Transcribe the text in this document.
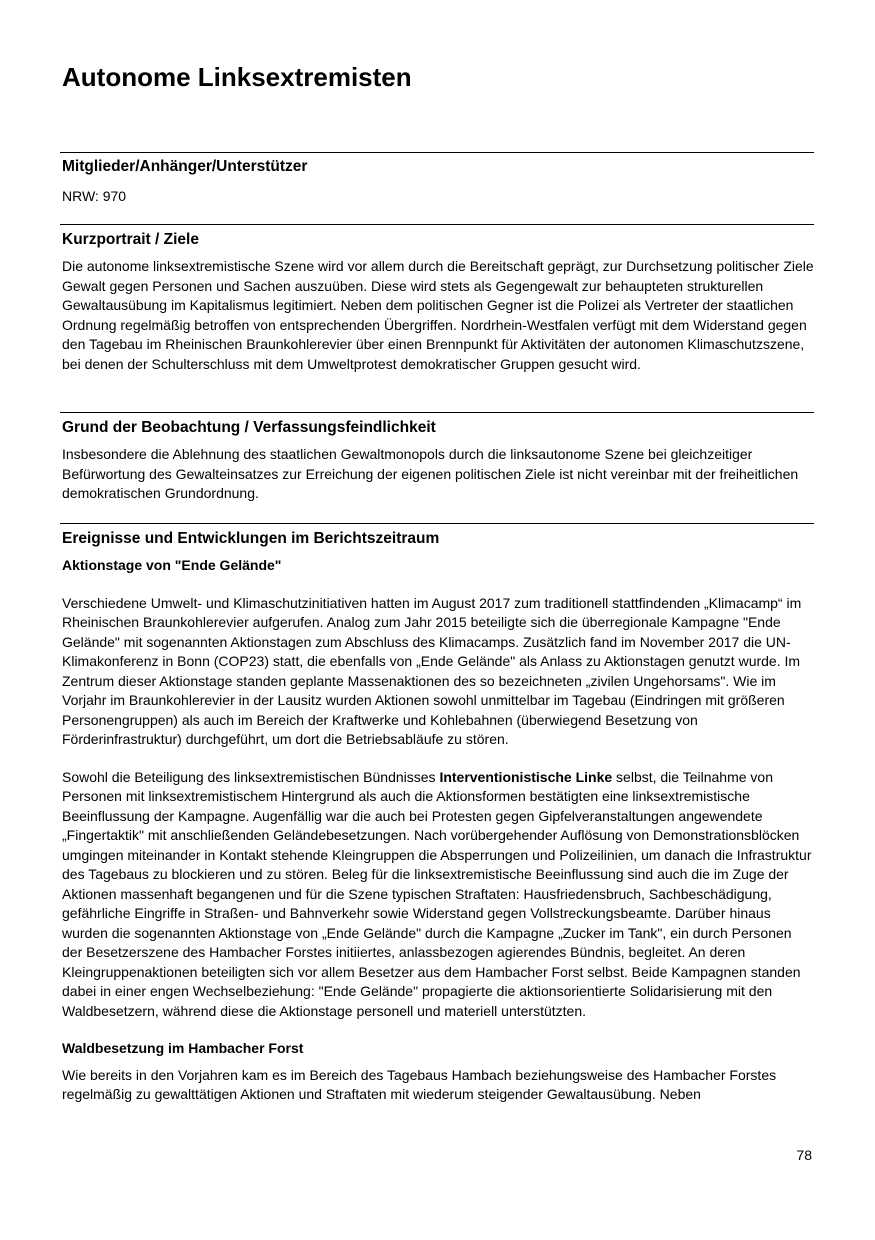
Autonome Linksextremisten
Mitglieder/Anhänger/Unterstützer

NRW: 970

Kurzportrait / Ziele

Die autonome linksextremistische Szene wird vor allem durch die Bereitschaft geprägt, zur Durchsetzung politischer Ziele Gewalt gegen Personen und Sachen auszuüben. Diese wird stets als Gegengewalt zur behaupteten strukturellen Gewaltausübung im Kapitalismus legitimiert. Neben dem politischen Gegner ist die Polizei als Vertreter der staatlichen Ordnung regelmäßig betroffen von entsprechenden Übergriffen. Nordrhein-Westfalen verfügt mit dem Widerstand gegen den Tagebau im Rheinischen Braunkohlerevier über einen Brennpunkt für Aktivitäten der autonomen Klimaschutzszene, bei denen der Schulterschluss mit dem Umweltprotest demokratischer Gruppen gesucht wird.

Grund der Beobachtung / Verfassungsfeindlichkeit

Insbesondere die Ablehnung des staatlichen Gewaltmonopols durch die linksautonome Szene bei gleichzeitiger Befürwortung des Gewalteinsatzes zur Erreichung der eigenen politischen Ziele ist nicht vereinbar mit der freiheitlichen demokratischen Grundordnung.

Ereignisse und Entwicklungen im Berichtszeitraum

Aktionstage von "Ende Gelände"

Verschiedene Umwelt- und Klimaschutzinitiativen hatten im August 2017 zum traditionell stattfindenden „Klimacamp“ im Rheinischen Braunkohlerevier aufgerufen. Analog zum Jahr 2015 beteiligte sich die überregionale Kampagne "Ende Gelände" mit sogenannten Aktionstagen zum Abschluss des Klimacamps. Zusätzlich fand im November 2017 die UN-Klimakonferenz in Bonn (COP23) statt, die ebenfalls von „Ende Gelände" als Anlass zu Aktionstagen genutzt wurde. Im Zentrum dieser Aktionstage standen geplante Massenaktionen des so bezeichneten „zivilen Ungehorsams". Wie im Vorjahr im Braunkohlerevier in der Lausitz wurden Aktionen sowohl unmittelbar im Tagebau (Eindringen mit größeren Personengruppen) als auch im Bereich der Kraftwerke und Kohlebahnen (überwiegend Besetzung von Förderinfrastruktur) durchgeführt, um dort die Betriebsabläufe zu stören.

Sowohl die Beteiligung des linksextremistischen Bündnisses Interventionistische Linke selbst, die Teilnahme von Personen mit linksextremistischem Hintergrund als auch die Aktionsformen bestätigten eine linksextremistische Beeinflussung der Kampagne. Augenfällig war die auch bei Protesten gegen Gipfelveranstaltungen angewendete „Fingertaktik" mit anschließenden Geländebesetzungen. Nach vorübergehender Auflösung von Demonstrationsblöcken umgingen miteinander in Kontakt stehende Kleingruppen die Absperrungen und Polizeilinien, um danach die Infrastruktur des Tagebaus zu blockieren und zu stören. Beleg für die linksextremistische Beeinflussung sind auch die im Zuge der Aktionen massenhaft begangenen und für die Szene typischen Straftaten: Hausfriedensbruch, Sachbeschädigung, gefährliche Eingriffe in Straßen- und Bahnverkehr sowie Widerstand gegen Vollstreckungsbeamte. Darüber hinaus wurden die sogenannten Aktionstage von „Ende Gelände" durch die Kampagne „Zucker im Tank", ein durch Personen der Besetzerszene des Hambacher Forstes initiiertes, anlassbezogen agierendes Bündnis, begleitet. An deren Kleingruppenaktionen beteiligten sich vor allem Besetzer aus dem Hambacher Forst selbst. Beide Kampagnen standen dabei in einer engen Wechselbeziehung: "Ende Gelände" propagierte die aktionsorientierte Solidarisierung mit den Waldbesetzern, während diese die Aktionstage personell und materiell unterstützten.

Waldbesetzung im Hambacher Forst

Wie bereits in den Vorjahren kam es im Bereich des Tagebaus Hambach beziehungsweise des Hambacher Forstes regelmäßig zu gewalttätigen Aktionen und Straftaten mit wiederum steigender Gewaltausübung. Neben

78
